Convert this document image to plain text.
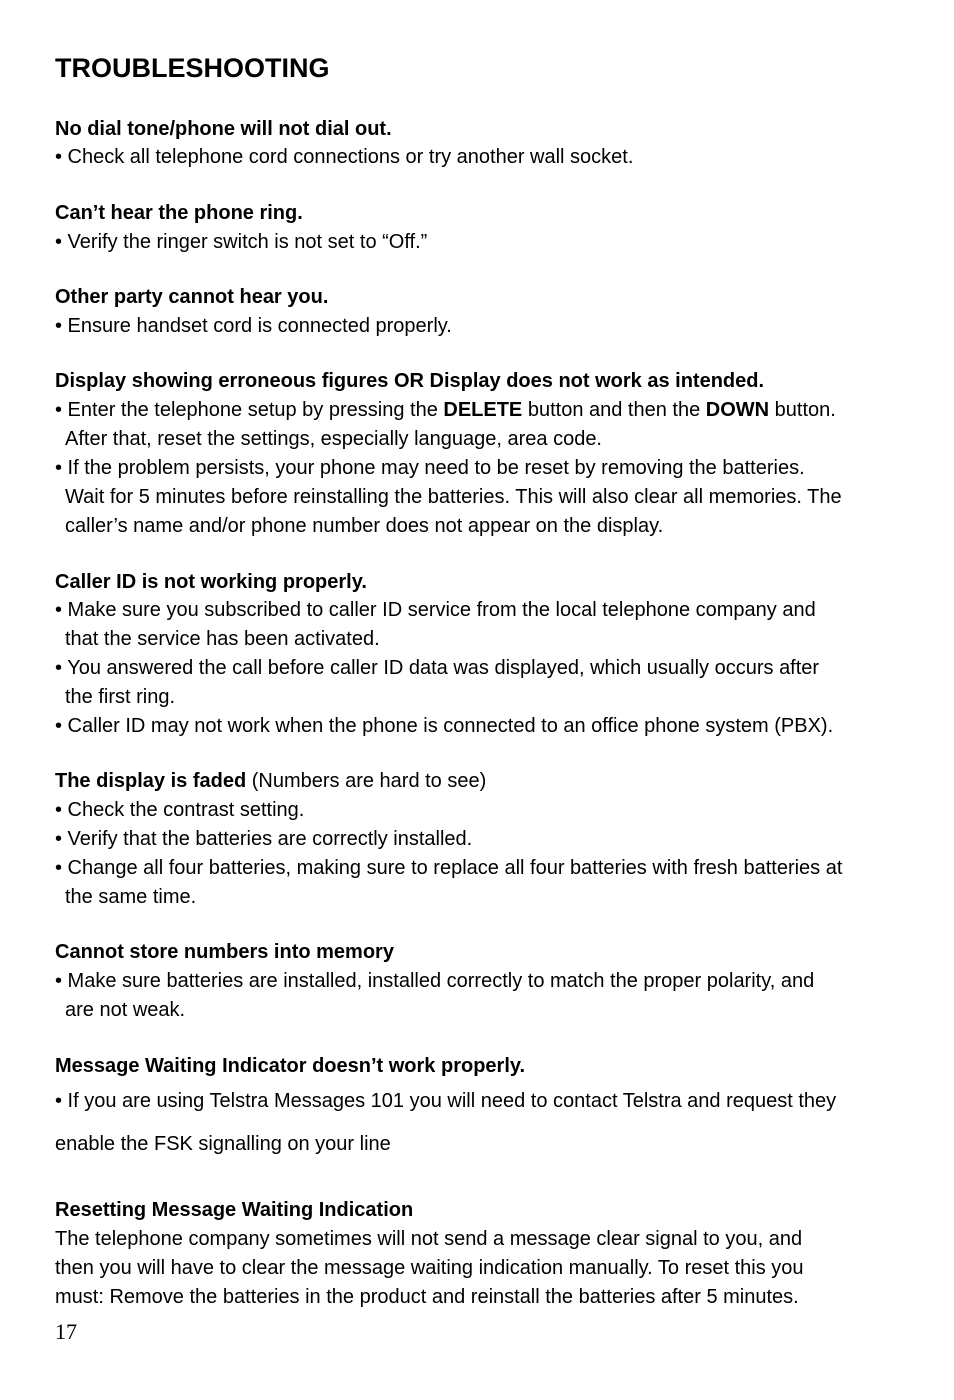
TROUBLESHOOTING
No dial tone/phone will not dial out.
• Check all telephone cord connections or try another wall socket.
Can’t hear the phone ring.
• Verify the ringer switch is not set to “Off.”
Other party cannot hear you.
• Ensure handset cord is connected properly.
Display showing erroneous figures OR Display does not work as intended.
• Enter the telephone setup by pressing the DELETE button and then the DOWN button.
After that, reset the settings, especially language, area code.
• If the problem persists, your phone may need to be reset by removing the batteries.
Wait for 5 minutes before reinstalling the batteries. This will also clear all memories. The
caller’s name and/or phone number does not appear on the display.
Caller ID is not working properly.
• Make sure you subscribed to caller ID service from the local telephone company and
that the service has been activated.
• You answered the call before caller ID data was displayed, which usually occurs after
the first ring.
• Caller ID may not work when the phone is connected to an office phone system (PBX).
The display is faded (Numbers are hard to see)
• Check the contrast setting.
• Verify that the batteries are correctly installed.
• Change all four batteries, making sure to replace all four batteries with fresh batteries at
the same time.
Cannot store numbers into memory
• Make sure batteries are installed, installed correctly to match the proper polarity, and
are not weak.
Message Waiting Indicator doesn’t work properly.
• If you are using Telstra Messages 101 you will need to contact Telstra and request they
enable the FSK signalling on your line
Resetting Message Waiting Indication
The telephone company sometimes will not send a message clear signal to you, and
then you will have to clear the message waiting indication manually. To reset this you
must: Remove the batteries in the product and reinstall the batteries after 5 minutes.
17
